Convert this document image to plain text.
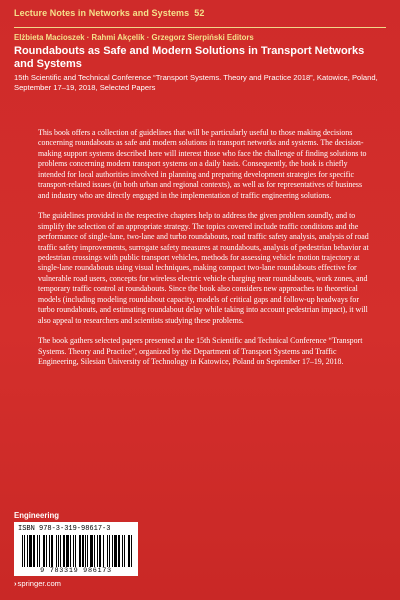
Lecture Notes in Networks and Systems 52
Elżbieta Macioszek · Rahmi Akçelik · Grzegorz Sierpiński Editors
Roundabouts as Safe and Modern Solutions in Transport Networks and Systems
15th Scientific and Technical Conference “Transport Systems. Theory and Practice 2018”, Katowice, Poland, September 17–19, 2018, Selected Papers

This book offers a collection of guidelines that will be particularly useful to those making decisions concerning roundabouts as safe and modern solutions in transport networks and systems. The decision-making support systems described here will interest those who face the challenge of finding solutions to problems concerning modern transport systems on a daily basis. Consequently, the book is chiefly intended for local authorities involved in planning and preparing development strategies for specific transport-related issues (in both urban and regional contexts), as well as for representatives of business and industry who are directly engaged in the implementation of traffic engineering solutions.

The guidelines provided in the respective chapters help to address the given problem soundly, and to simplify the selection of an appropriate strategy. The topics covered include traffic conditions and the performance of single-lane, two-lane and turbo roundabouts, road traffic safety analysis, analysis of road traffic safety improvements, surrogate safety measures at roundabouts, analysis of pedestrian behavior at pedestrian crossings with public transport vehicles, methods for assessing vehicle motion trajectory at single-lane roundabouts using visual techniques, making compact two-lane roundabouts effective for vulnerable road users, concepts for wireless electric vehicle charging near roundabouts, work zones, and temporary traffic control at roundabouts. Since the book also considers new approaches to theoretical models (including modeling roundabout capacity, models of critical gaps and follow-up headways for turbo roundabouts, and estimating roundabout delay while taking into account pedestrian impact), it will also appeal to researchers and scientists studying these problems.

The book gathers selected papers presented at the 15th Scientific and Technical Conference “Transport Systems. Theory and Practice”, organized by the Department of Transport Systems and Traffic Engineering, Silesian University of Technology in Katowice, Poland on September 17–19, 2018.

Engineering
ISBN 978-3-319-98617-3
9 783319 986173
›springer.com
